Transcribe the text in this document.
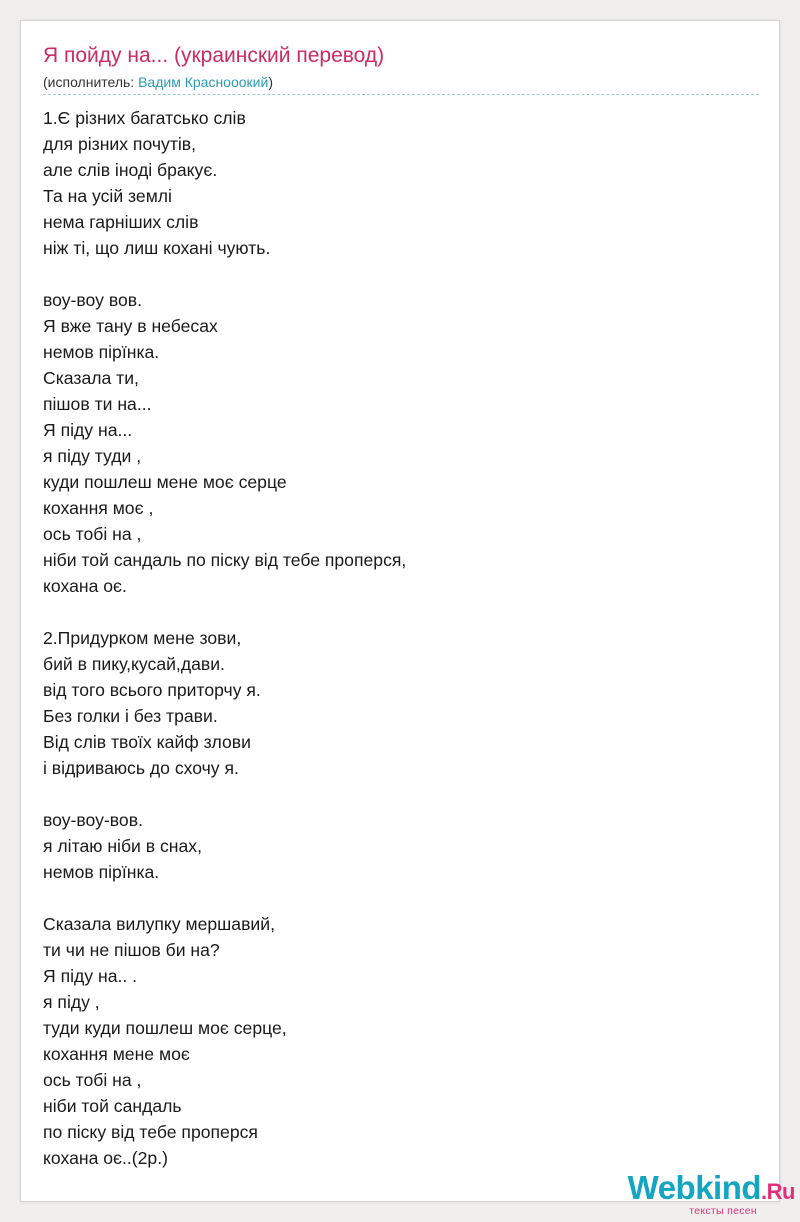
Я пойду на... (украинский перевод)
(исполнитель: Вадим Краснооокий)
1.Є різних багатсько слів
для різних почутів,
але слів іноді бракує.
Та на усій землі
нема гарніших слів
ніж ті, що лиш кохані чують.
воу-воу вов.
Я вже тану в небесах
немов пірїнка.
Сказала ти,
пішов ти на...
Я піду на...
я піду туди ,
куди пошлеш мене моє серце
кохання моє ,
ось тобі на ,
ніби той сандаль по піску від тебе проперся,
кохана оє.
2.Придурком мене зови,
бий в пику,кусай,дави.
від того всього приторчу я.
Без голки і без трави.
Від слів твоїх кайф злови
і відриваюсь до схочу я.
воу-воу-вов.
я літаю ніби в снах,
немов пірїнка.
Сказала вилупку мершавий,
ти чи не пішов би на?
Я піду на.. .
я піду ,
туди куди пошлеш моє серце,
кохання мене моє
ось тобі на ,
ніби той сандаль
по піску від тебе проперся
кохана оє..(2р.)
Webkind.Ru
тексты песен
